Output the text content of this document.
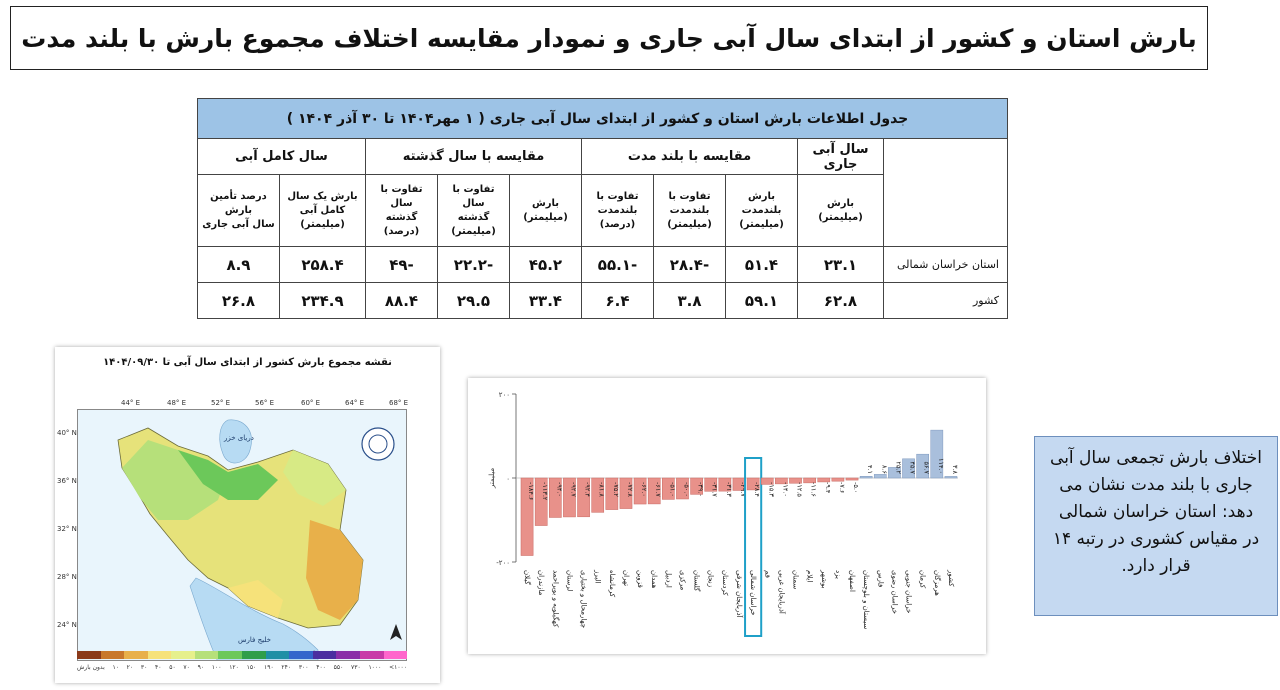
بارش استان و کشور از ابتدای سال آبی جاری و نمودار مقایسه اختلاف مجموع بارش با بلند مدت
جدول اطلاعات بارش استان و کشور از ابتدای سال آبی جاری ( ۱ مهر۱۴۰۴ تا ۳۰ آذر ۱۴۰۴ )									
	سال آبی جاری	مقایسه با بلند مدت			مقایسه با سال گذشته			سال کامل آبی	

	بارش
(میلیمتر)	بارش
بلندمدت
(میلیمتر)	تفاوت با
بلندمدت
(میلیمتر)	تفاوت با
بلندمدت
(درصد)	بارش
(میلیمتر)	تفاوت با سال
گذشته
(میلیمتر)	تفاوت با سال
گذشته
(درصد)	بارش یک سال
کامل آبی
(میلیمتر)	درصد تأمین بارش
سال آبی جاری

استان خراسان شمالی	۲۳.۱	۵۱.۴	-۲۸.۴	-۵۵.۱	۴۵.۲	-۲۲.۲	-۴۹	۲۵۸.۴	۸.۹
کشور	۶۲.۸	۵۹.۱	۳.۸	۶.۴	۳۳.۴	۲۹.۵	۸۸.۴	۲۳۴.۹	۲۶.۸
نقشه مجموع بارش کشور از ابتدای سال آبی تا ۱۴۰۴/۰۹/۳۰
44° E	48° E	52° E	56° E	60° E	64° E	68° E
40° N
36° N
32° N
28° N
24° N
خلیج فارس
دریای خزر
بدون بارش ۱۰ ۲۰ ۳۰ ۴۰ ۵۰ ۷۰ ۹۰ ۱۰۰ ۱۲۰ ۱۵۰ ۱۹۰ ۲۴۰ ۳۰۰ ۴۰۰ ۵۵۰ ۷۳۰ ۱۰۰۰ <۱۰۰۰
۲۰۰
۰
-۲۰۰
میلیمتر
-۱۸۴.۶
گیلان
-۱۱۳.۲
مازندران
-۹۴.۰
کهگیلویه و بویراحمد
-۹۲.۷
لرستان
-۹۲.۴
چهارمحال و بختیاری
-۸۱.۸
البرز
-۷۵.۲
کرمانشاه
-۷۲.۸
تهران
-۶۲.۰
قزوین
-۶۱.۷
همدان
-۵۱.۰
اردبیل
-۵۰.۰
مرکزی
-۳۹.۰
گلستان
-۳۱.۷
زنجان
-۳۱.۳
کردستان
-۲۹.۷
آذربایجان شرقی
-۲۸.۴
خراسان شمالی
-۱۵.۳
قم
-۱۴.۰
آذربایجان غربی
-۱۲.۵
سمنان
-۱۱.۶
ایلام
-۹.۴
بوشهر
-۷.۶
یزد
-۵.۰
اصفهان
۴.۱
سیستان و بلوچستان
۸.۶
فارس
۲۵.۲
خراسان رضوی
۴۵.۷
خراسان جنوبی
۵۶.۷
کرمان
۱۱۴.۰
هرمزگان
۳.۸
کشور
اختلاف بارش تجمعی سال آبی جاری با بلند مدت نشان می دهد: استان خراسان شمالی در مقیاس کشوری در رتبه ۱۴ قرار دارد.
